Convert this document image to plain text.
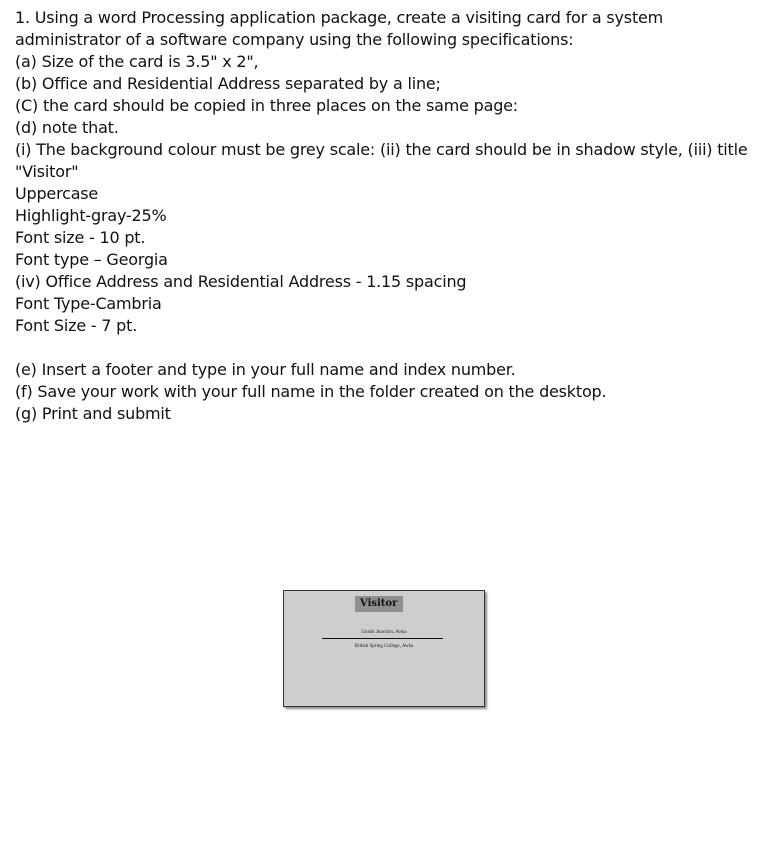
1. Using a word Processing application package, create a visiting card for a system administrator of a software company using the following specifications:
(a) Size of the card is 3.5" x 2",
(b) Office and Residential Address separated by a line;
(C) the card should be copied in three places on the same page:
(d) note that.
(i) The background colour must be grey scale: (ii) the card should be in shadow style, (iii) title "Visitor"
Uppercase
Highlight-gray-25%
Font size - 10 pt.
Font type – Georgia
(iv) Office Address and Residential Address - 1.15 spacing
Font Type-Cambria
Font Size - 7 pt.
(e) Insert a footer and type in your full name and index number.
(f) Save your work with your full name in the folder created on the desktop.
(g) Print and submit
Visitor
Unisik Junction, Awka
British Spring College, Awka
